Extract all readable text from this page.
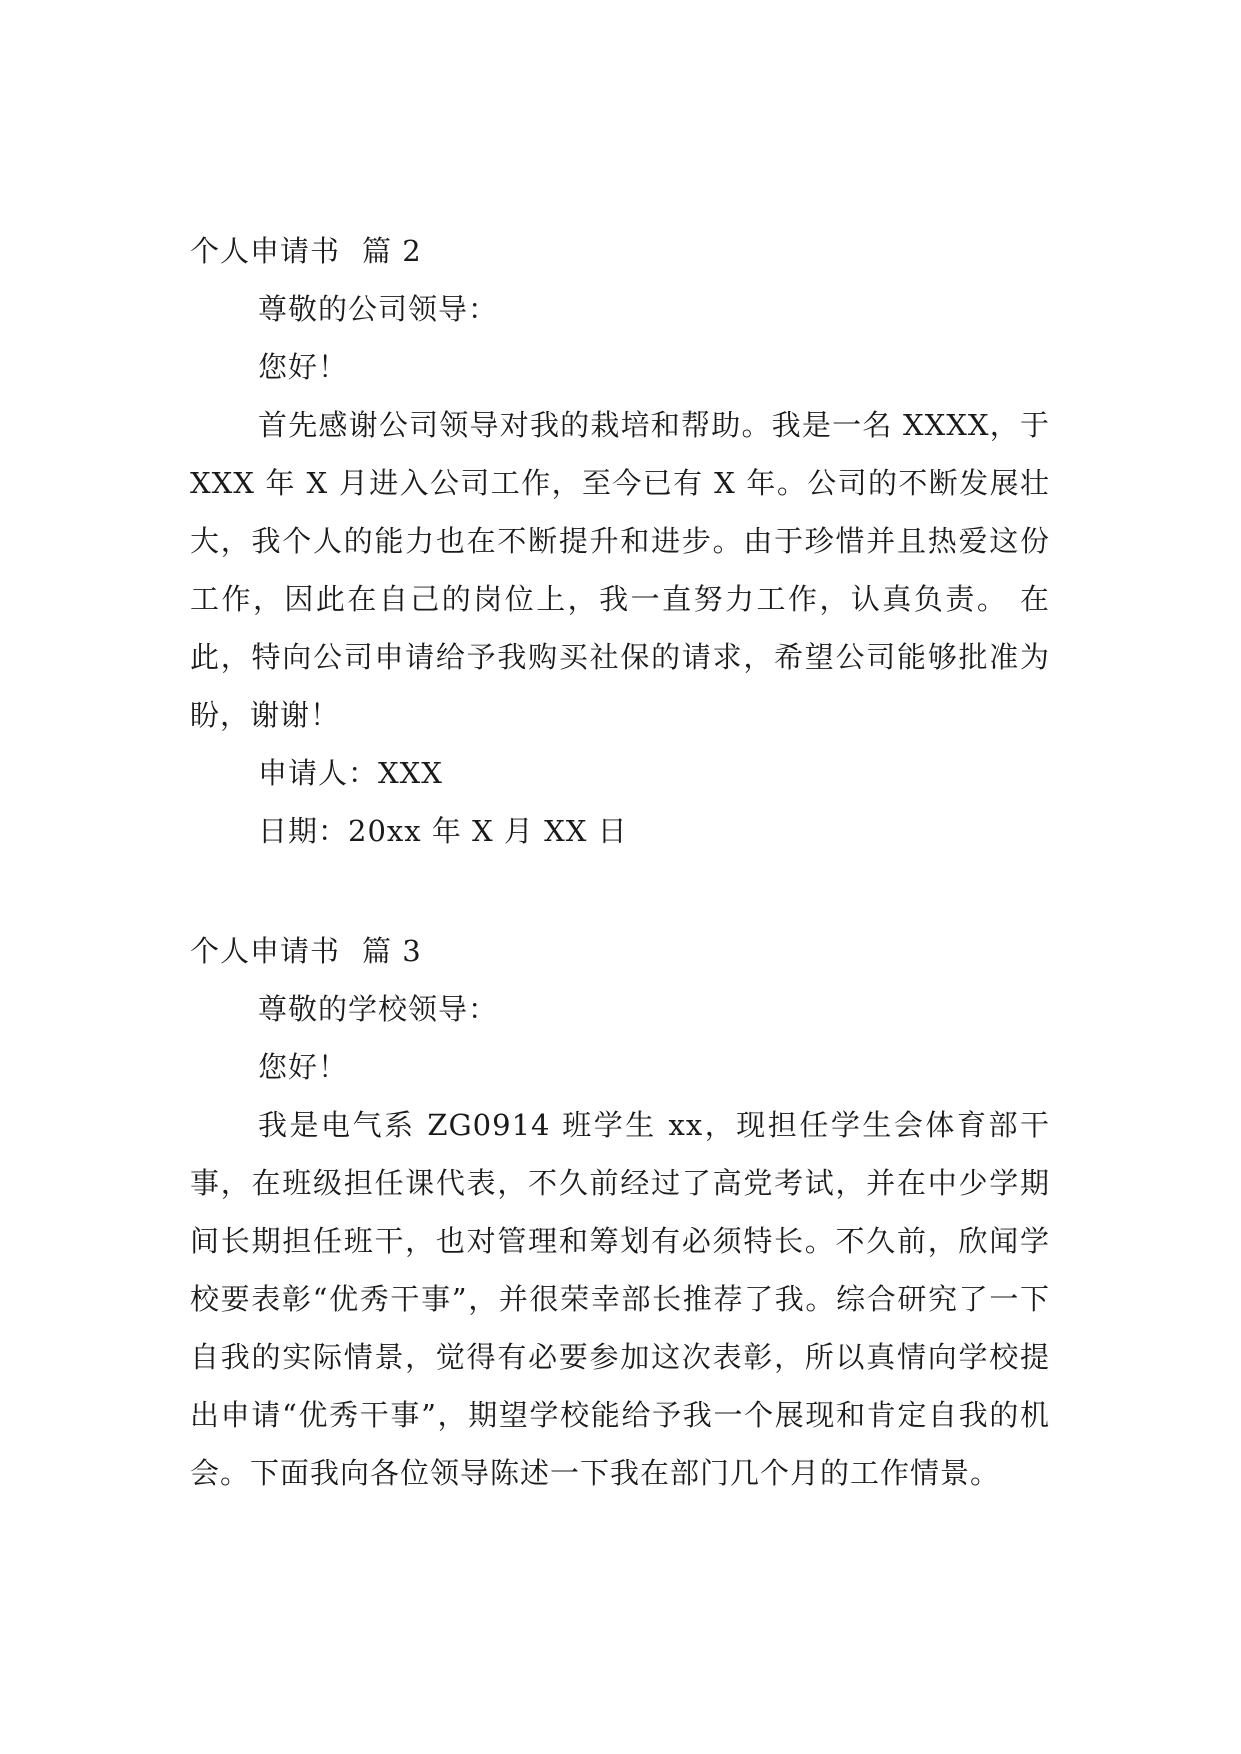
个人申请书 篇 2
尊敬的公司领导：
您好！

首先感谢公司领导对我的栽培和帮助。我是一名 XXXX，于 XXX 年 X 月进入公司工作，至今已有 X 年。公司的不断发展壮大，我个人的能力也在不断提升和进步。由于珍惜并且热爱这份工作，因此在自己的岗位上，我一直努力工作，认真负责。 在此，特向公司申请给予我购买社保的请求，希望公司能够批准为盼，谢谢！

申请人：XXX
日期：20xx 年 X 月 XX 日
个人申请书 篇 3
尊敬的学校领导：
您好！

我是电气系 ZG0914 班学生 xx，现担任学生会体育部干事，在班级担任课代表，不久前经过了高党考试，并在中少学期间长期担任班干，也对管理和筹划有必须特长。不久前，欣闻学校要表彰“优秀干事”，并很荣幸部长推荐了我。综合研究了一下自我的实际情景，觉得有必要参加这次表彰，所以真情向学校提出申请“优秀干事”，期望学校能给予我一个展现和肯定自我的机会。下面我向各位领导陈述一下我在部门几个月的工作情景。
